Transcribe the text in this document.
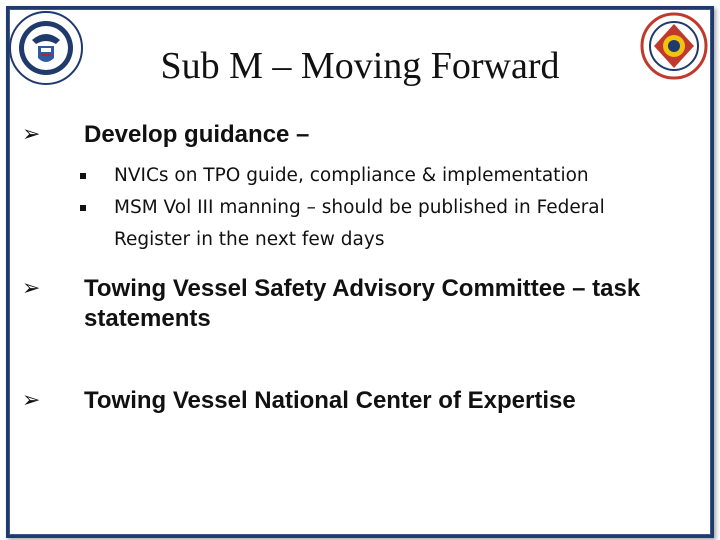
Sub M – Moving Forward
➢ Develop guidance –
NVICs on TPO guide, compliance & implementation
MSM Vol III manning – should be published in Federal Register in the next few days
➢ Towing Vessel Safety Advisory Committee – task statements
➢ Towing Vessel National Center of Expertise
